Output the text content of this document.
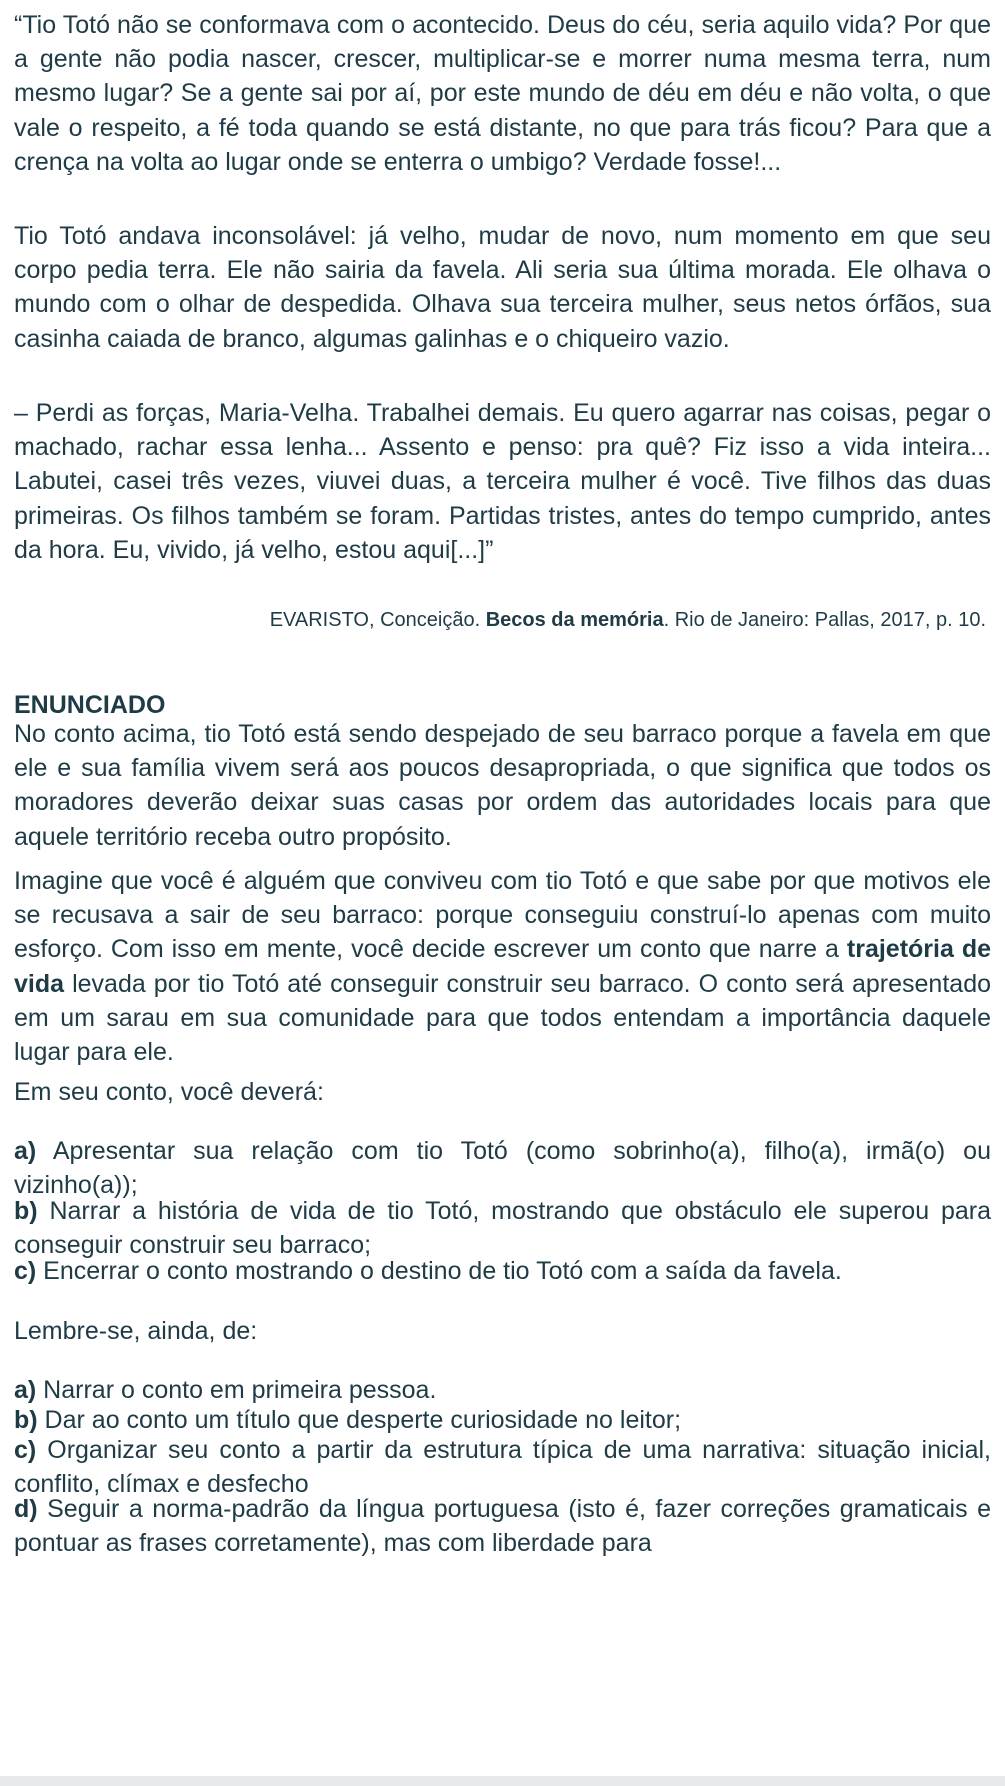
“Tio Totó não se conformava com o acontecido. Deus do céu, seria aquilo vida? Por que a gente não podia nascer, crescer, multiplicar-se e morrer numa mesma terra, num mesmo lugar? Se a gente sai por aí, por este mundo de déu em déu e não volta, o que vale o respeito, a fé toda quando se está distante, no que para trás ficou? Para que a crença na volta ao lugar onde se enterra o umbigo? Verdade fosse!...

Tio Totó andava inconsolável: já velho, mudar de novo, num momento em que seu corpo pedia terra. Ele não sairia da favela. Ali seria sua última morada. Ele olhava o mundo com o olhar de despedida. Olhava sua terceira mulher, seus netos órfãos, sua casinha caiada de branco, algumas galinhas e o chiqueiro vazio.

– Perdi as forças, Maria-Velha. Trabalhei demais. Eu quero agarrar nas coisas, pegar o machado, rachar essa lenha... Assento e penso: pra quê? Fiz isso a vida inteira... Labutei, casei três vezes, viuvei duas, a terceira mulher é você. Tive filhos das duas primeiras. Os filhos também se foram. Partidas tristes, antes do tempo cumprido, antes da hora. Eu, vivido, já velho, estou aqui[...]”

EVARISTO, Conceição. Becos da memória. Rio de Janeiro: Pallas, 2017, p. 10.
ENUNCIADO

No conto acima, tio Totó está sendo despejado de seu barraco porque a favela em que ele e sua família vivem será aos poucos desapropriada, o que significa que todos os moradores deverão deixar suas casas por ordem das autoridades locais para que aquele território receba outro propósito.

Imagine que você é alguém que conviveu com tio Totó e que sabe por que motivos ele se recusava a sair de seu barraco: porque conseguiu construí-lo apenas com muito esforço. Com isso em mente, você decide escrever um conto que narre a trajetória de vida levada por tio Totó até conseguir construir seu barraco. O conto será apresentado em um sarau em sua comunidade para que todos entendam a importância daquele lugar para ele.

Em seu conto, você deverá:

a) Apresentar sua relação com tio Totó (como sobrinho(a), filho(a), irmã(o) ou vizinho(a));

b) Narrar a história de vida de tio Totó, mostrando que obstáculo ele superou para conseguir construir seu barraco;

c) Encerrar o conto mostrando o destino de tio Totó com a saída da favela.

Lembre-se, ainda, de:

a) Narrar o conto em primeira pessoa.

b) Dar ao conto um título que desperte curiosidade no leitor;

c) Organizar seu conto a partir da estrutura típica de uma narrativa: situação inicial, conflito, clímax e desfecho

d) Seguir a norma-padrão da língua portuguesa (isto é, fazer correções gramaticais e pontuar as frases corretamente), mas com liberdade para
